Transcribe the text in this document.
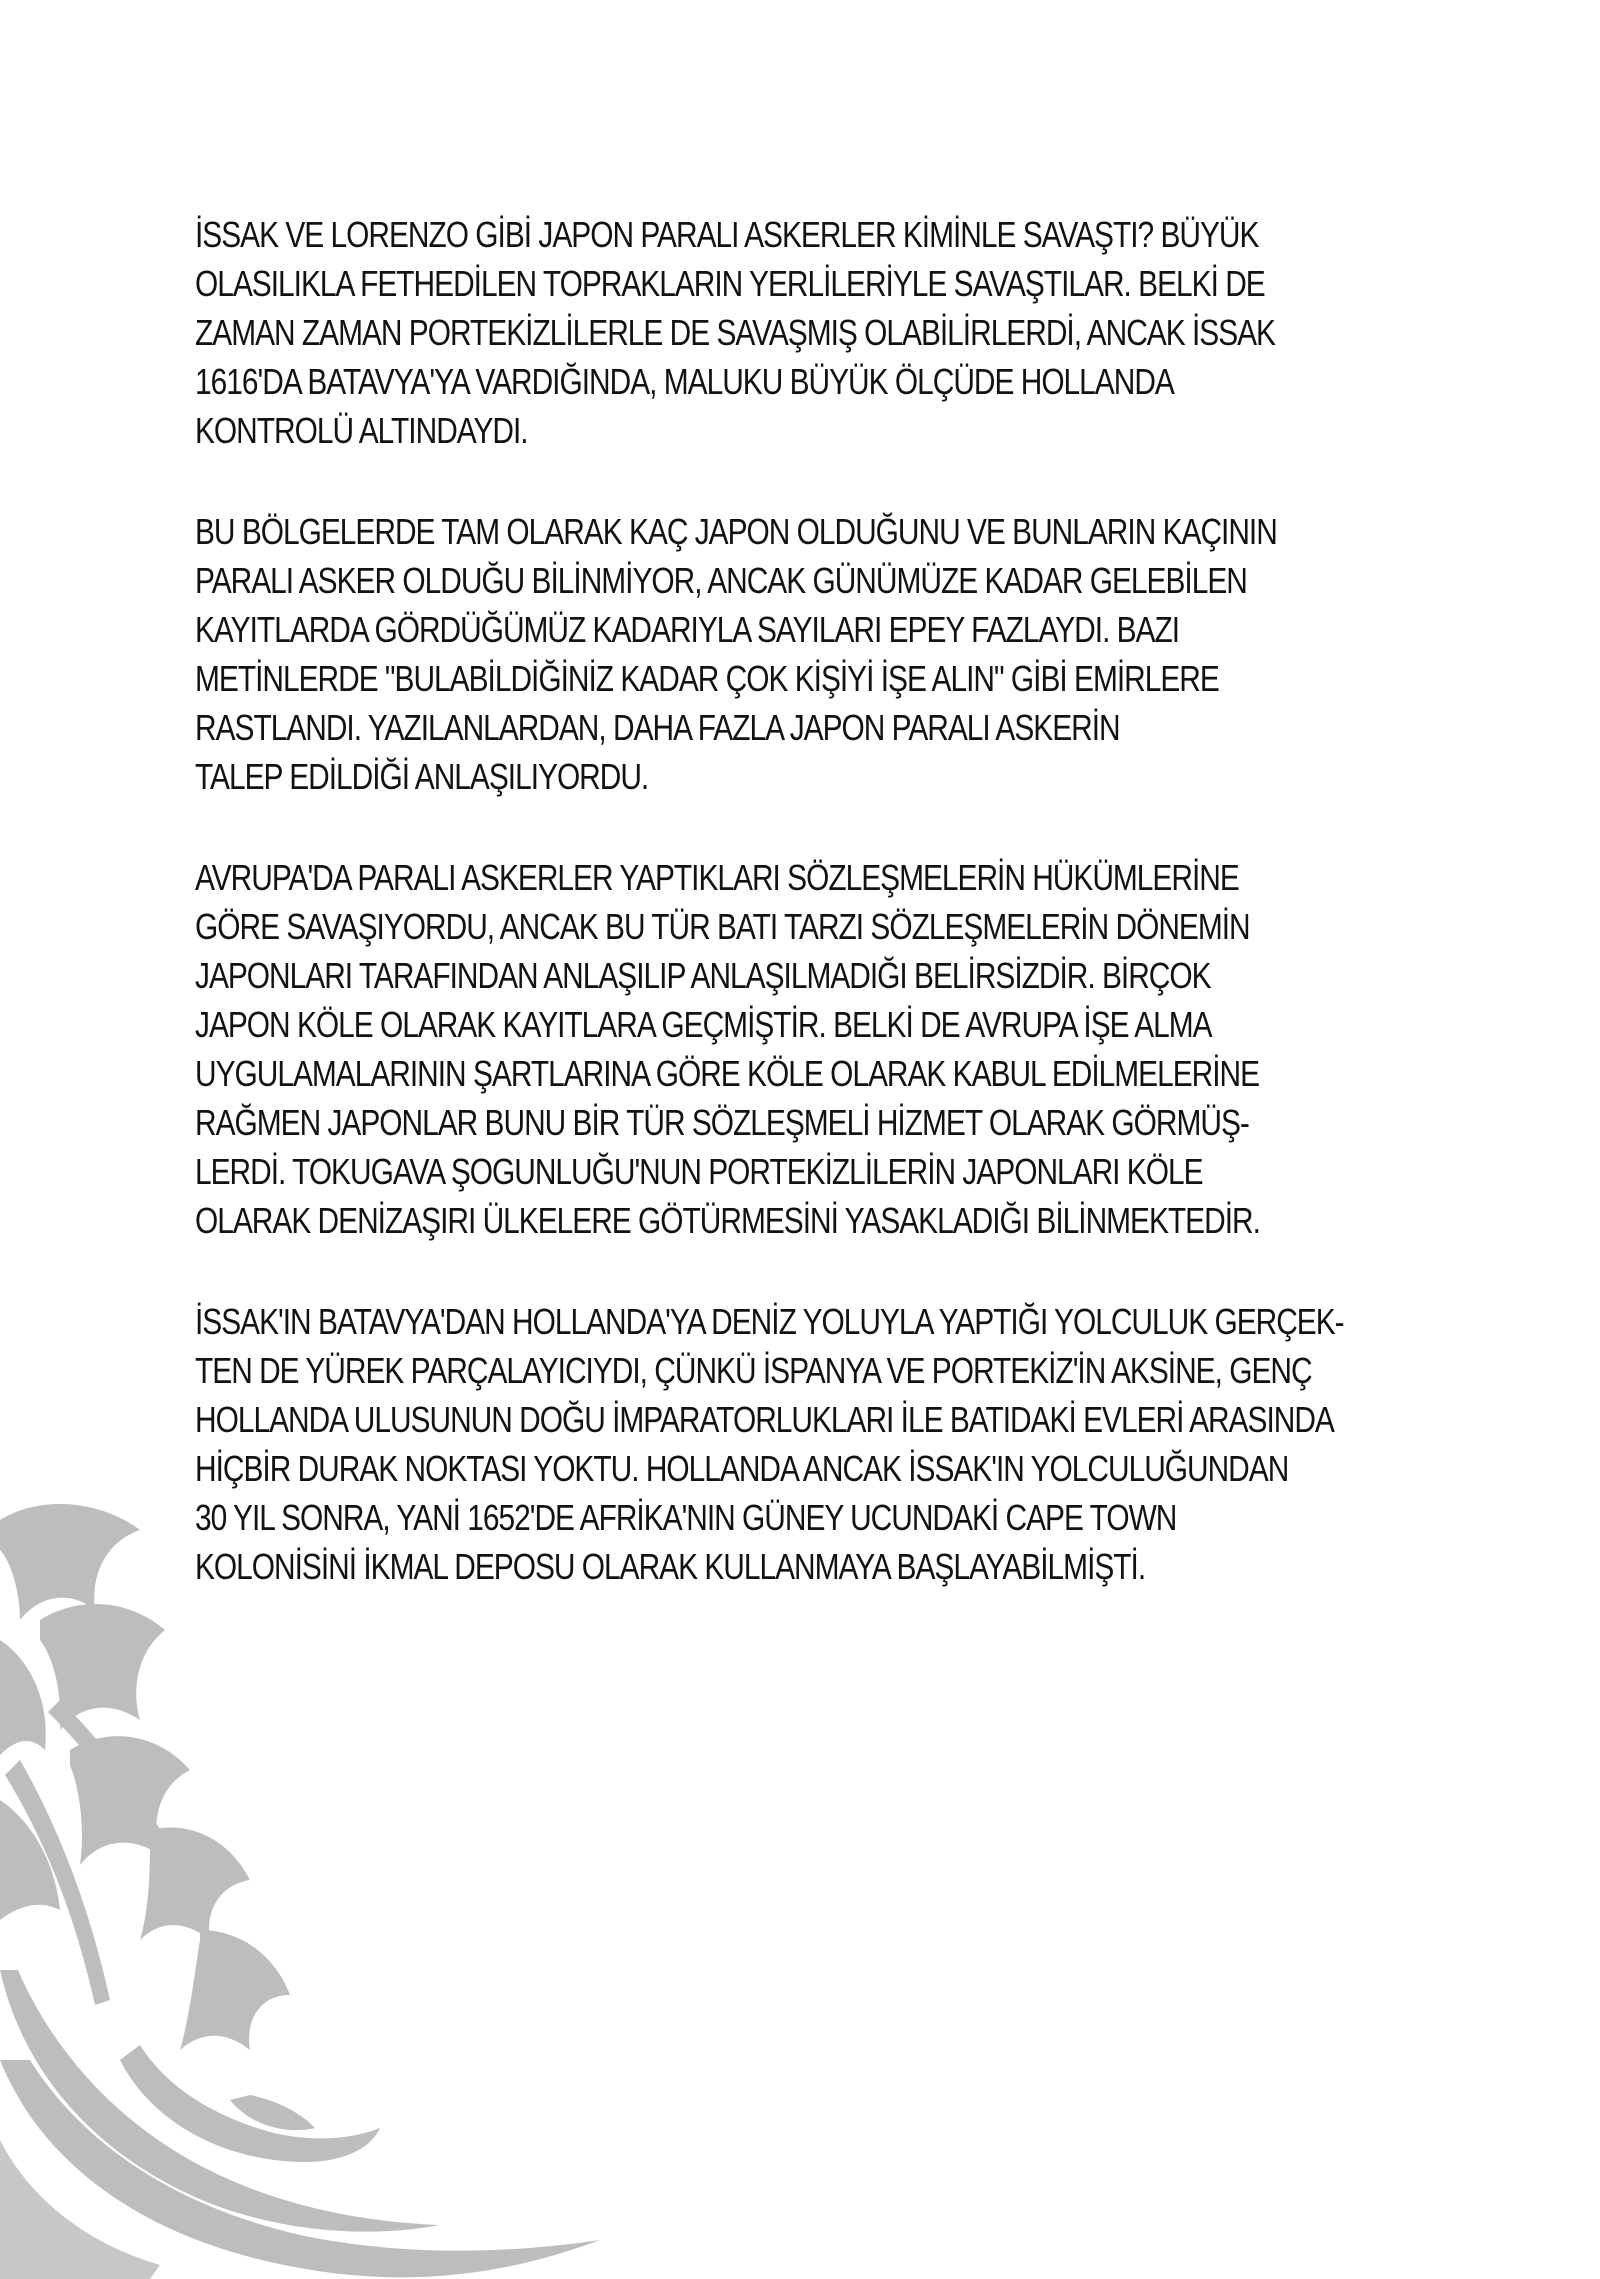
İSSAK VE LORENZO GİBİ JAPON PARALI ASKERLER KİMİNLE SAVAŞTI? BÜYÜK
OLASILIKLA FETHEDİLEN TOPRAKLARIN YERLİLERİYLE SAVAŞTILAR. BELKİ DE
ZAMAN ZAMAN PORTEKİZLİLERLE DE SAVAŞMIŞ OLABİLİRLERDİ, ANCAK İSSAK
1616'DA BATAVYA'YA VARDIĞINDA, MALUKU BÜYÜK ÖLÇÜDE HOLLANDA
KONTROLÜ ALTINDAYDI.
BU BÖLGELERDE TAM OLARAK KAÇ JAPON OLDUĞUNU VE BUNLARIN KAÇININ
PARALI ASKER OLDUĞU BİLİNMİYOR, ANCAK GÜNÜMÜZE KADAR GELEBİLEN
KAYITLARDA GÖRDÜĞÜMÜZ KADARIYLA SAYILARI EPEY FAZLAYDI. BAZI
METİNLERDE "BULABİLDİĞİNİZ KADAR ÇOK KİŞİYİ İŞE ALIN" GİBİ EMİRLERE
RASTLANDI. YAZILANLARDAN, DAHA FAZLA JAPON PARALI ASKERİN
TALEP EDİLDİĞİ ANLAŞILIYORDU.
AVRUPA'DA PARALI ASKERLER YAPTIKLARI SÖZLEŞMELERİN HÜKÜMLERİNE
GÖRE SAVAŞIYORDU, ANCAK BU TÜR BATI TARZI SÖZLEŞMELERİN DÖNEMİN
JAPONLARI TARAFINDAN ANLAŞILIP ANLAŞILMADIĞI BELİRSİZDİR. BİRÇOK
JAPON KÖLE OLARAK KAYITLARA GEÇMİŞTİR. BELKİ DE AVRUPA İŞE ALMA
UYGULAMALARININ ŞARTLARINA GÖRE KÖLE OLARAK KABUL EDİLMELERİNE
RAĞMEN JAPONLAR BUNU BİR TÜR SÖZLEŞMELİ HİZMET OLARAK GÖRMÜŞ-
LERDİ. TOKUGAVA ŞOGUNLUĞU'NUN PORTEKİZLİLERİN JAPONLARI KÖLE
OLARAK DENİZAŞIRI ÜLKELERE GÖTÜRMESİNİ YASAKLADIĞI BİLİNMEKTEDİR.
İSSAK'IN BATAVYA'DAN HOLLANDA'YA DENİZ YOLUYLA YAPTIĞI YOLCULUK GERÇEK-
TEN DE YÜREK PARÇALAYICIYDI, ÇÜNKÜ İSPANYA VE PORTEKİZ'İN AKSİNE, GENÇ
HOLLANDA ULUSUNUN DOĞU İMPARATORLUKLARI İLE BATIDAKİ EVLERİ ARASINDA
HİÇBİR DURAK NOKTASI YOKTU. HOLLANDA ANCAK İSSAK'IN YOLCULUĞUNDAN
30 YIL SONRA, YANİ 1652'DE AFRİKA'NIN GÜNEY UCUNDAKİ CAPE TOWN
KOLONİSİNİ İKMAL DEPOSU OLARAK KULLANMAYA BAŞLAYABİLMİŞTİ.
